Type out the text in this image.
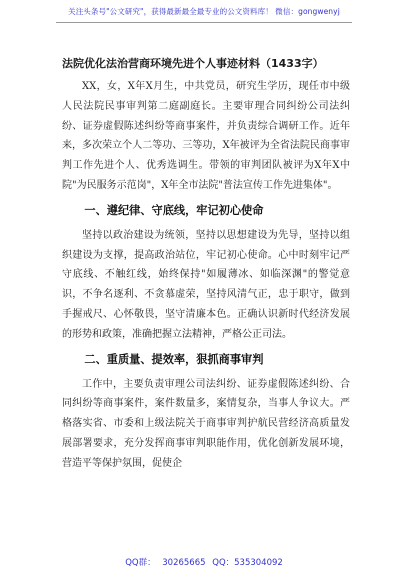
关注头条号"公文研究"，获得最新最全最专业的公文资料库！ 微信：gongwenyj
法院优化法治营商环境先进个人事迹材料（1433字）

XX，女，X年X月生，中共党员，研究生学历，现任市中级人民法院民事审判第二庭副庭长。主要审理合同纠纷公司法纠纷、证券虚假陈述纠纷等商事案件，并负责综合调研工作。近年来，多次荣立个人二等功、三等功，X年被评为全省法院民商事审判工作先进个人、优秀选调生。带领的审判团队被评为X年X中院"为民服务示范岗"，X年全市法院"普法宣传工作先进集体"。

一、遵纪律、守底线，牢记初心使命

坚持以政治建设为统领，坚持以思想建设为先导，坚持以组织建设为支撑，提高政治站位，牢记初心使命。心中时刻牢记严守底线、不触红线，始终保持"如履薄冰、如临深渊"的警觉意识，不争名逐利、不贪慕虚荣，坚持风清气正，忠于职守，做到手握戒尺、心怀敬畏，坚守清廉本色。正确认识新时代经济发展的形势和政策，准确把握立法精神，严格公正司法。

二、重质量、提效率，狠抓商事审判

工作中，主要负责审理公司法纠纷、证券虚假陈述纠纷、合同纠纷等商事案件，案件数量多，案情复杂，当事人争议大。严格落实省、市委和上级法院关于商事审判护航民营经济高质量发展部署要求，充分发挥商事审判职能作用，优化创新发展环境，营造平等保护氛围，促使企

QQ群： 30265665 QQ：535304092
